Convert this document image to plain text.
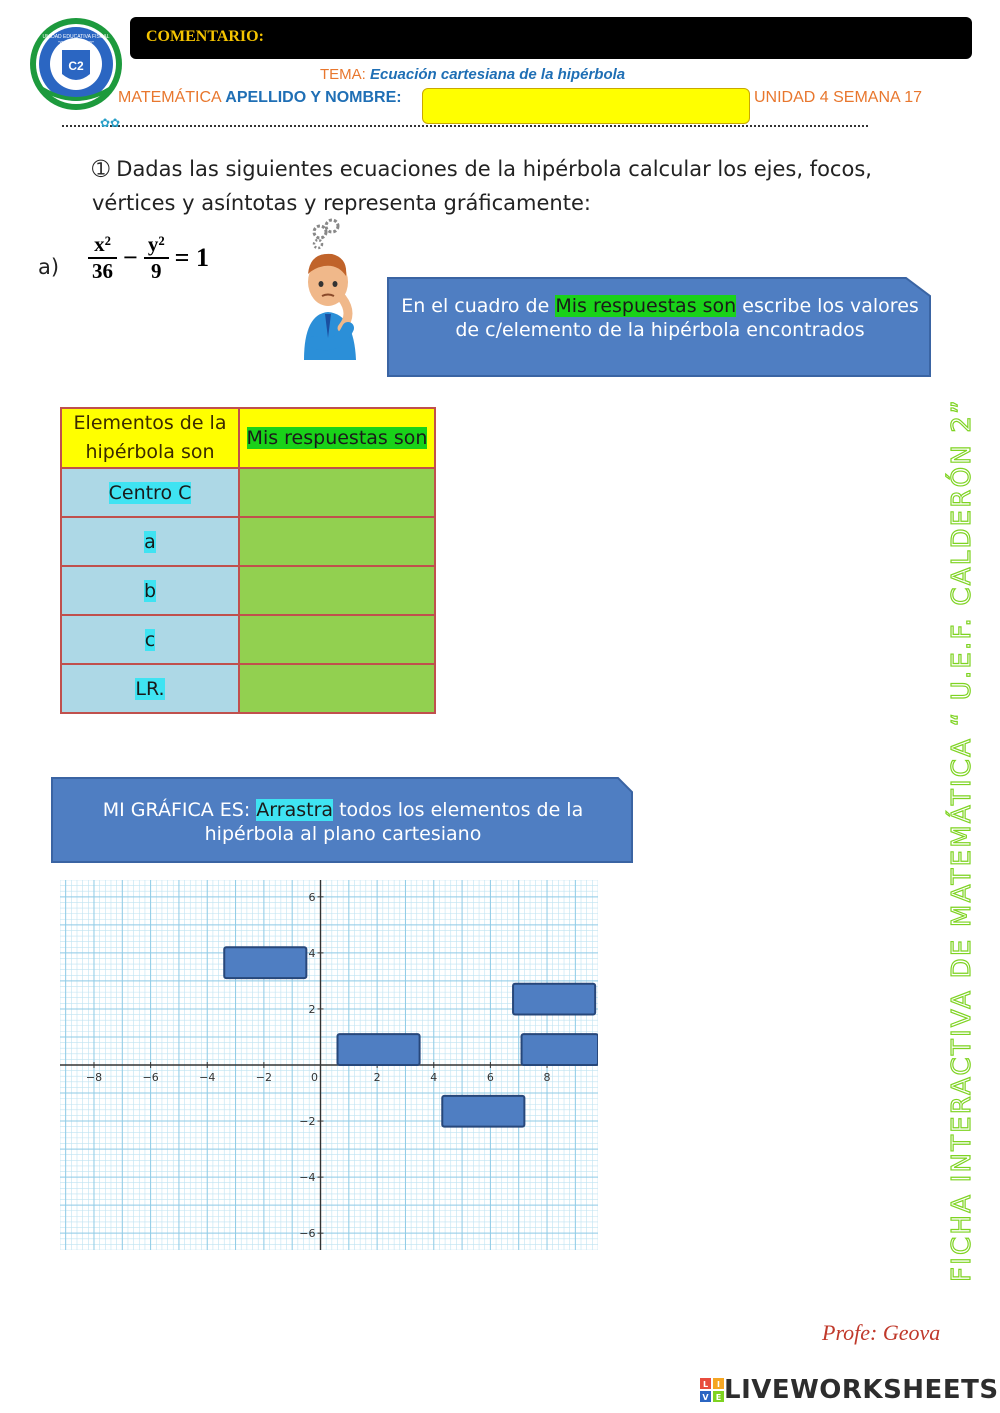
C2
UNIDAD EDUCATIVA FISCAL
"CALDERÓN 2"	COMENTARIO:
TEMA: Ecuación cartesiana de la hipérbola
MATEMÁTICA APELLIDO Y NOMBRE:	UNIDAD 4 SEMANA 17
✿✿
➀ Dadas las siguientes ecuaciones de la hipérbola calcular los ejes, focos, vértices y asíntotas y representa gráficamente:
$a) \frac{\text{x²}}{36} - \frac{\text{y²}}{9} = 1$
En el cuadro de Mis respuestas son escribe los valores de c/elemento de la hipérbola encontrados
Elementos de la hipérbola son	Mis respuestas son
Centro C	
a	
b	
c	
LR.	
MI GRÁFICA ES: Arrastra todos los elementos de la hipérbola al plano cartesiano
−8	−6	−4	−2	0	2	4	6	8
6
4
2
−2
−4
−6	FICHA INTERACTIVA DE MATEMÁTICA “ U.E.F. CALDERÓN 2”
Profe: Geova
L I
V E LIVEWORKSHEETS
